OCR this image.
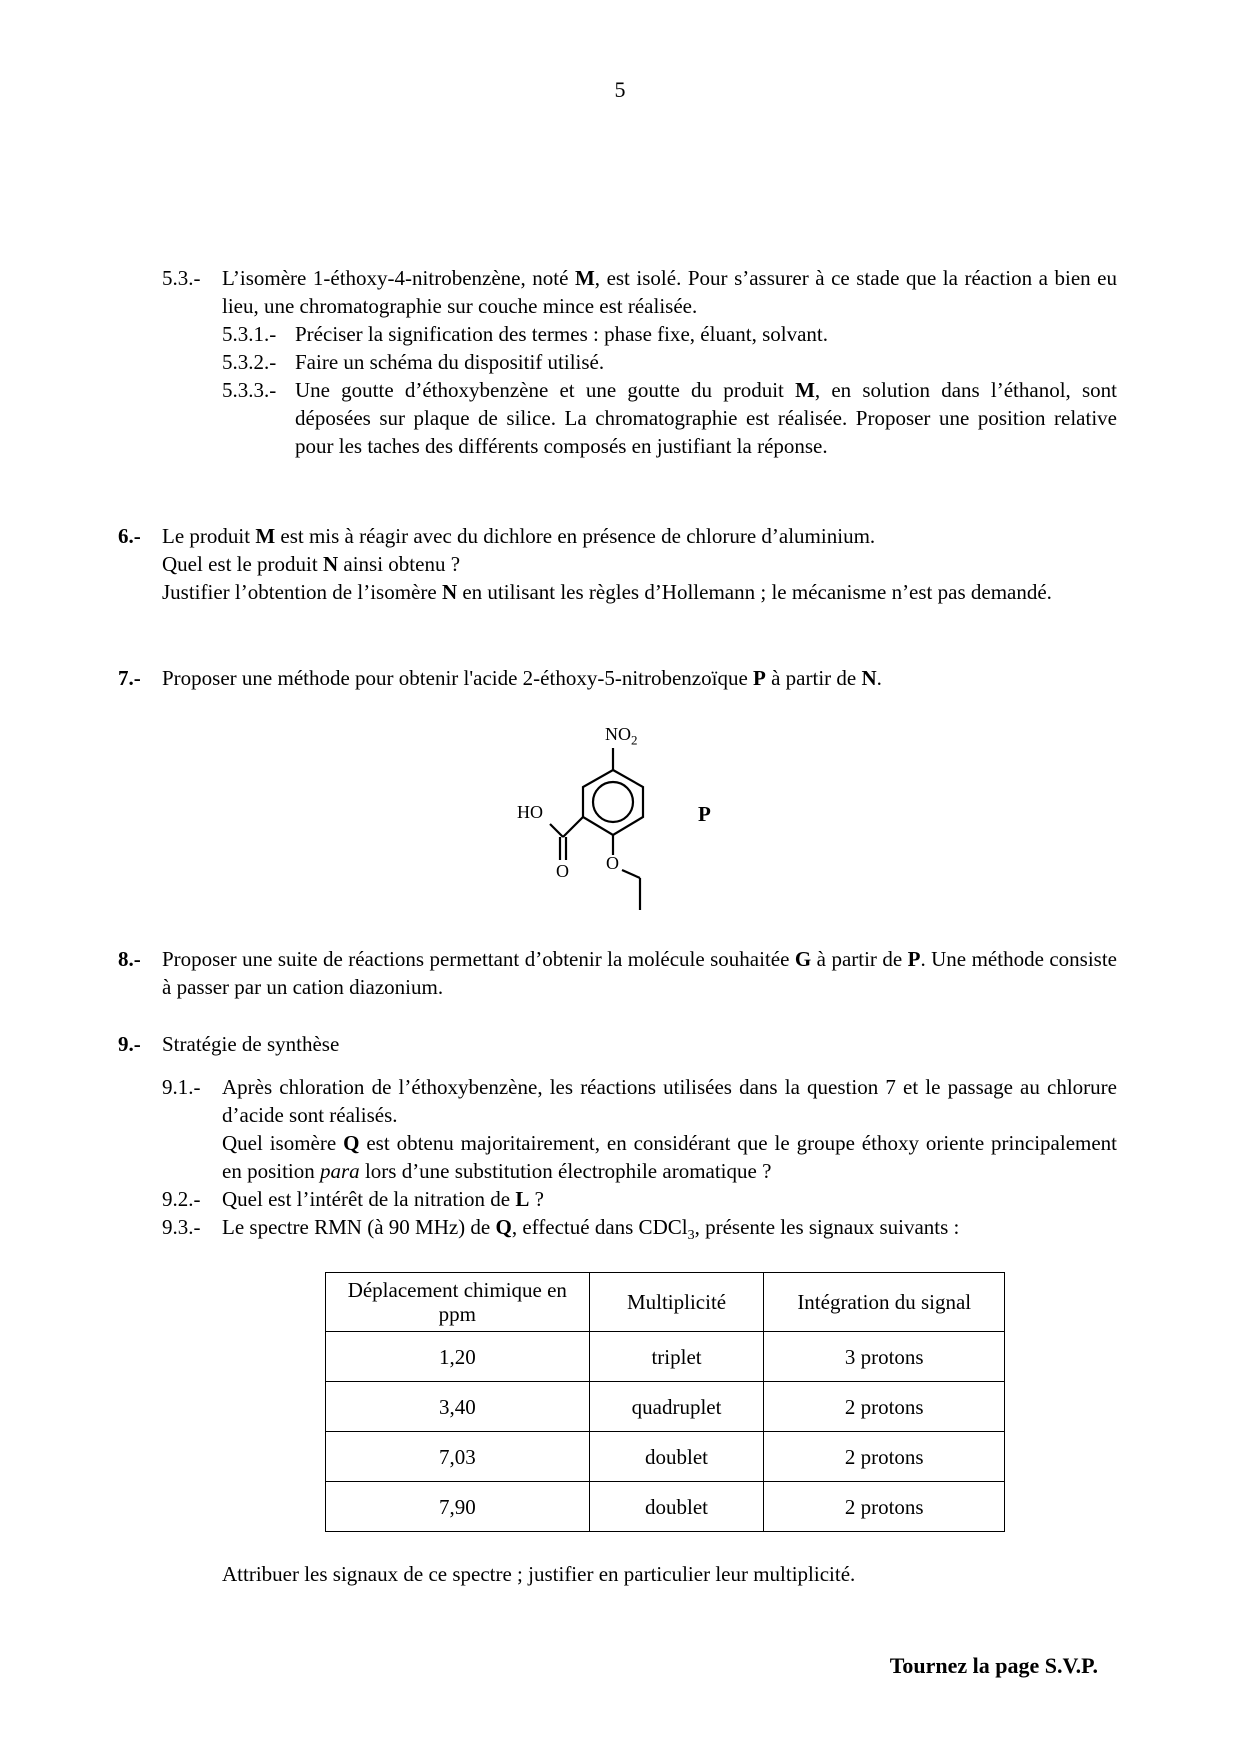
5
5.3.- L’isomère 1-éthoxy-4-nitrobenzène, noté M, est isolé. Pour s’assurer à ce stade que la réaction a bien eu lieu, une chromatographie sur couche mince est réalisée.
5.3.1.- Préciser la signification des termes : phase fixe, éluant, solvant.
5.3.2.- Faire un schéma du dispositif utilisé.
5.3.3.- Une goutte d’éthoxybenzène et une goutte du produit M, en solution dans l’éthanol, sont déposées sur plaque de silice. La chromatographie est réalisée. Proposer une position relative pour les taches des différents composés en justifiant la réponse.
6.- Le produit M est mis à réagir avec du dichlore en présence de chlorure d’aluminium.
Quel est le produit N ainsi obtenu ?
Justifier l’obtention de l’isomère N en utilisant les règles d’Hollemann ; le mécanisme n’est pas demandé.
7.- Proposer une méthode pour obtenir l'acide 2-éthoxy-5-nitrobenzoïque P à partir de N.
$NO_2$
HO
O O
P
8.- Proposer une suite de réactions permettant d’obtenir la molécule souhaitée G à partir de P. Une méthode consiste à passer par un cation diazonium.
9.- Stratégie de synthèse
9.1.- Après chloration de l’éthoxybenzène, les réactions utilisées dans la question 7 et le passage au chlorure d’acide sont réalisés.
Quel isomère Q est obtenu majoritairement, en considérant que le groupe éthoxy oriente principalement en position para lors d’une substitution électrophile aromatique ?
9.2.- Quel est l’intérêt de la nitration de L ?
9.3.- Le spectre RMN (à 90 MHz) de Q, effectué dans CDCl$_3$, présente les signaux suivants :
Déplacement chimique en ppm	Multiplicité	Intégration du signal
1,20	triplet	3 protons
3,40	quadruplet	2 protons
7,03	doublet	2 protons
7,90	doublet	2 protons
Attribuer les signaux de ce spectre ; justifier en particulier leur multiplicité.
Tournez la page S.V.P.
